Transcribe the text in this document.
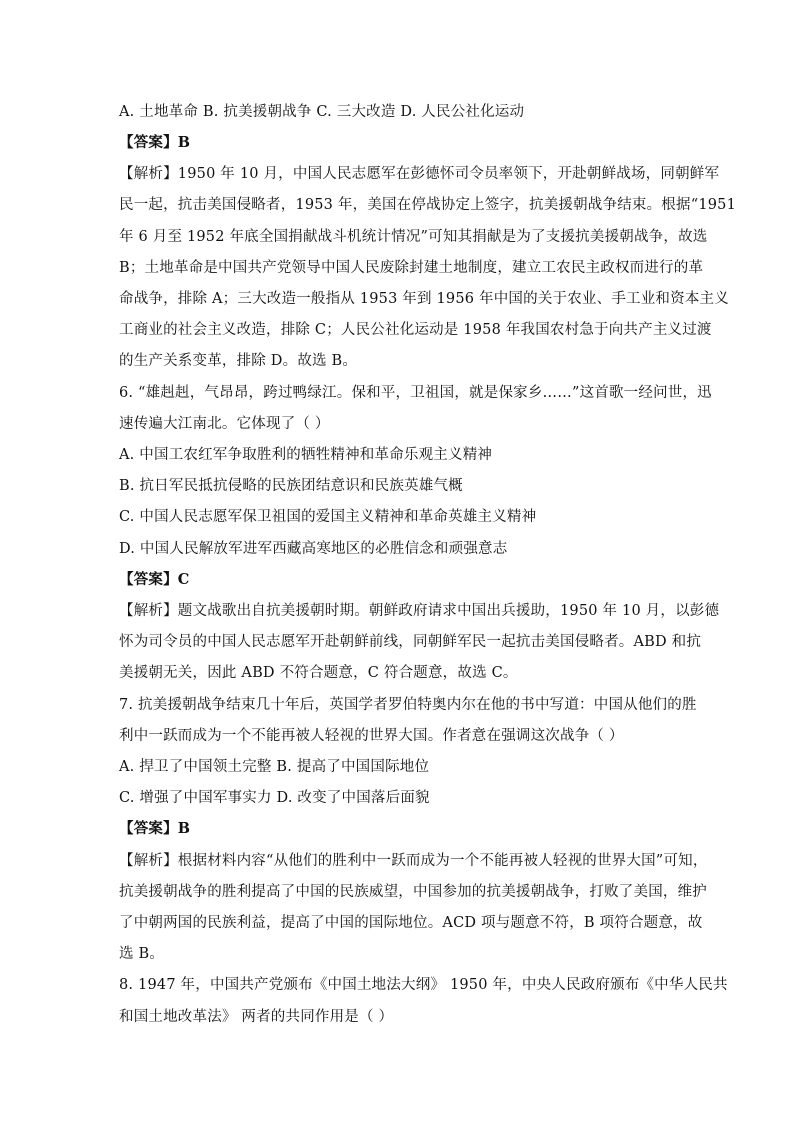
A. 土地革命 B. 抗美援朝战争 C. 三大改造 D. 人民公社化运动

【答案】B

【解析】1950 年 10 月，中国人民志愿军在彭德怀司令员率领下，开赴朝鲜战场，同朝鲜军

民一起，抗击美国侵略者，1953 年，美国在停战协定上签字，抗美援朝战争结束。根据“1951

年 6 月至 1952 年底全国捐献战斗机统计情况”可知其捐献是为了支援抗美援朝战争，故选

B；土地革命是中国共产党领导中国人民废除封建土地制度，建立工农民主政权而进行的革

命战争，排除 A；三大改造一般指从 1953 年到 1956 年中国的关于农业、手工业和资本主义

工商业的社会主义改造，排除 C；人民公社化运动是 1958 年我国农村急于向共产主义过渡

的生产关系变革，排除 D。故选 B。

6. “雄赳赳，气昂昂，跨过鸭绿江。保和平，卫祖国，就是保家乡……”这首歌一经问世，迅

速传遍大江南北。它体现了（ ）

A. 中国工农红军争取胜利的牺牲精神和革命乐观主义精神

B. 抗日军民抵抗侵略的民族团结意识和民族英雄气概

C. 中国人民志愿军保卫祖国的爱国主义精神和革命英雄主义精神

D. 中国人民解放军进军西藏高寒地区的必胜信念和顽强意志

【答案】C

【解析】题文战歌出自抗美援朝时期。朝鲜政府请求中国出兵援助，1950 年 10 月，以彭德

怀为司令员的中国人民志愿军开赴朝鲜前线，同朝鲜军民一起抗击美国侵略者。ABD 和抗

美援朝无关，因此 ABD 不符合题意，C 符合题意，故选 C。

7. 抗美援朝战争结束几十年后，英国学者罗伯特奥内尔在他的书中写道：中国从他们的胜

利中一跃而成为一个不能再被人轻视的世界大国。作者意在强调这次战争（ ）

A. 捍卫了中国领土完整 B. 提高了中国国际地位

C. 增强了中国军事实力 D. 改变了中国落后面貌

【答案】B

【解析】根据材料内容“从他们的胜利中一跃而成为一个不能再被人轻视的世界大国”可知，

抗美援朝战争的胜利提高了中国的民族威望，中国参加的抗美援朝战争，打败了美国，维护

了中朝两国的民族利益，提高了中国的国际地位。ACD 项与题意不符，B 项符合题意，故

选 B。

8. 1947 年，中国共产党颁布《中国土地法大纲》 1950 年，中央人民政府颁布《中华人民共

和国土地改革法》 两者的共同作用是（ ）
